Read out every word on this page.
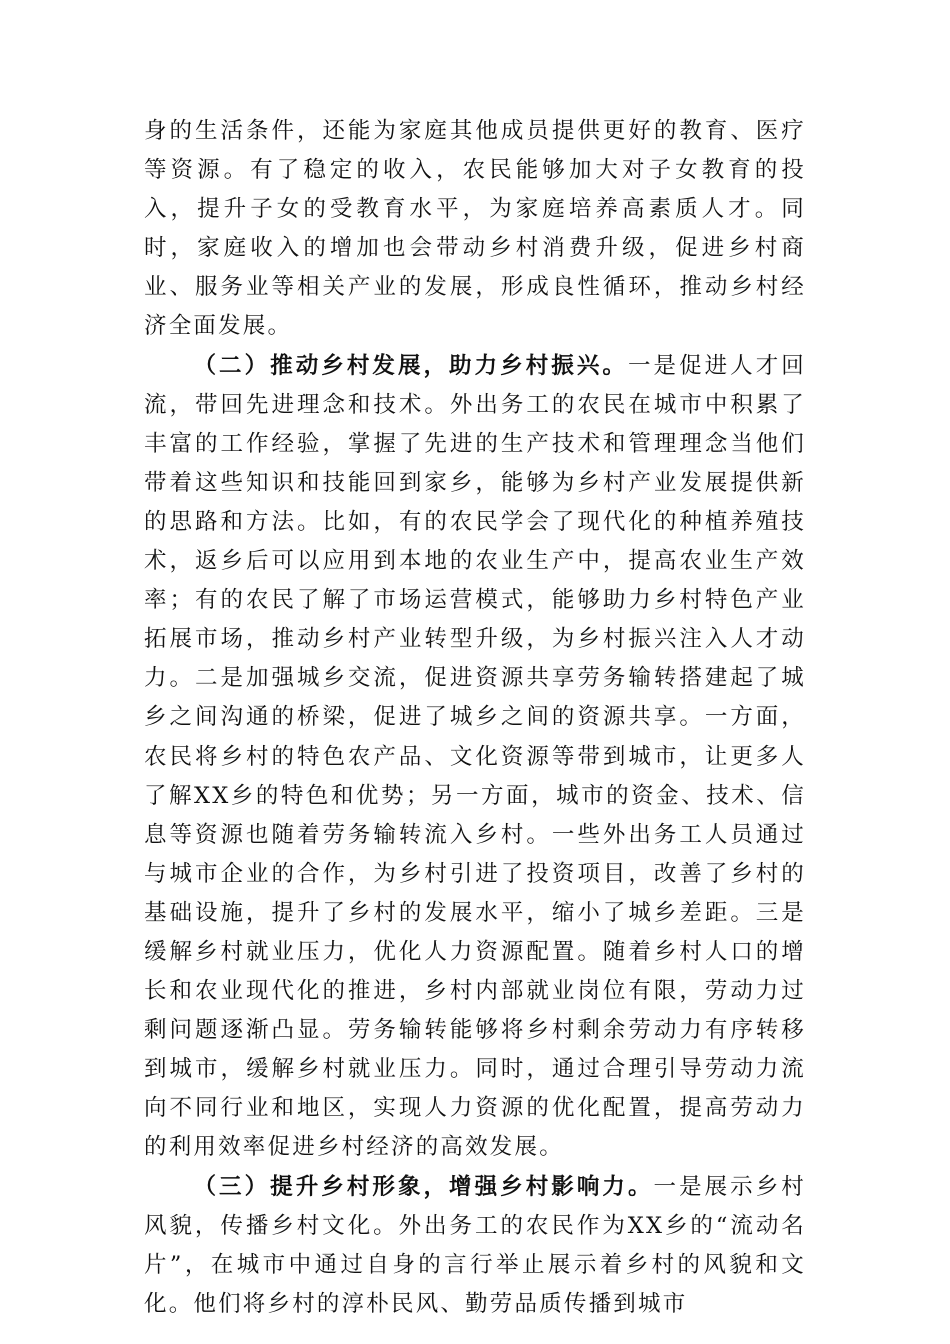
身的生活条件，还能为家庭其他成员提供更好的教育、医疗等资源。有了稳定的收入，农民能够加大对子女教育的投入，提升子女的受教育水平，为家庭培养高素质人才。同时，家庭收入的增加也会带动乡村消费升级，促进乡村商业、服务业等相关产业的发展，形成良性循环，推动乡村经济全面发展。

（二）推动乡村发展，助力乡村振兴。一是促进人才回流，带回先进理念和技术。外出务工的农民在城市中积累了丰富的工作经验，掌握了先进的生产技术和管理理念当他们带着这些知识和技能回到家乡，能够为乡村产业发展提供新的思路和方法。比如，有的农民学会了现代化的种植养殖技术，返乡后可以应用到本地的农业生产中，提高农业生产效率；有的农民了解了市场运营模式，能够助力乡村特色产业拓展市场，推动乡村产业转型升级，为乡村振兴注入人才动力。二是加强城乡交流，促进资源共享劳务输转搭建起了城乡之间沟通的桥梁，促进了城乡之间的资源共享。一方面，农民将乡村的特色农产品、文化资源等带到城市，让更多人了解XX乡的特色和优势；另一方面，城市的资金、技术、信息等资源也随着劳务输转流入乡村。一些外出务工人员通过与城市企业的合作，为乡村引进了投资项目，改善了乡村的基础设施，提升了乡村的发展水平，缩小了城乡差距。三是缓解乡村就业压力，优化人力资源配置。随着乡村人口的增长和农业现代化的推进，乡村内部就业岗位有限，劳动力过剩问题逐渐凸显。劳务输转能够将乡村剩余劳动力有序转移到城市，缓解乡村就业压力。同时，通过合理引导劳动力流向不同行业和地区，实现人力资源的优化配置，提高劳动力的利用效率促进乡村经济的高效发展。

（三）提升乡村形象，增强乡村影响力。一是展示乡村风貌，传播乡村文化。外出务工的农民作为XX乡的“流动名片”，在城市中通过自身的言行举止展示着乡村的风貌和文化。他们将乡村的淳朴民风、勤劳品质传播到城市
